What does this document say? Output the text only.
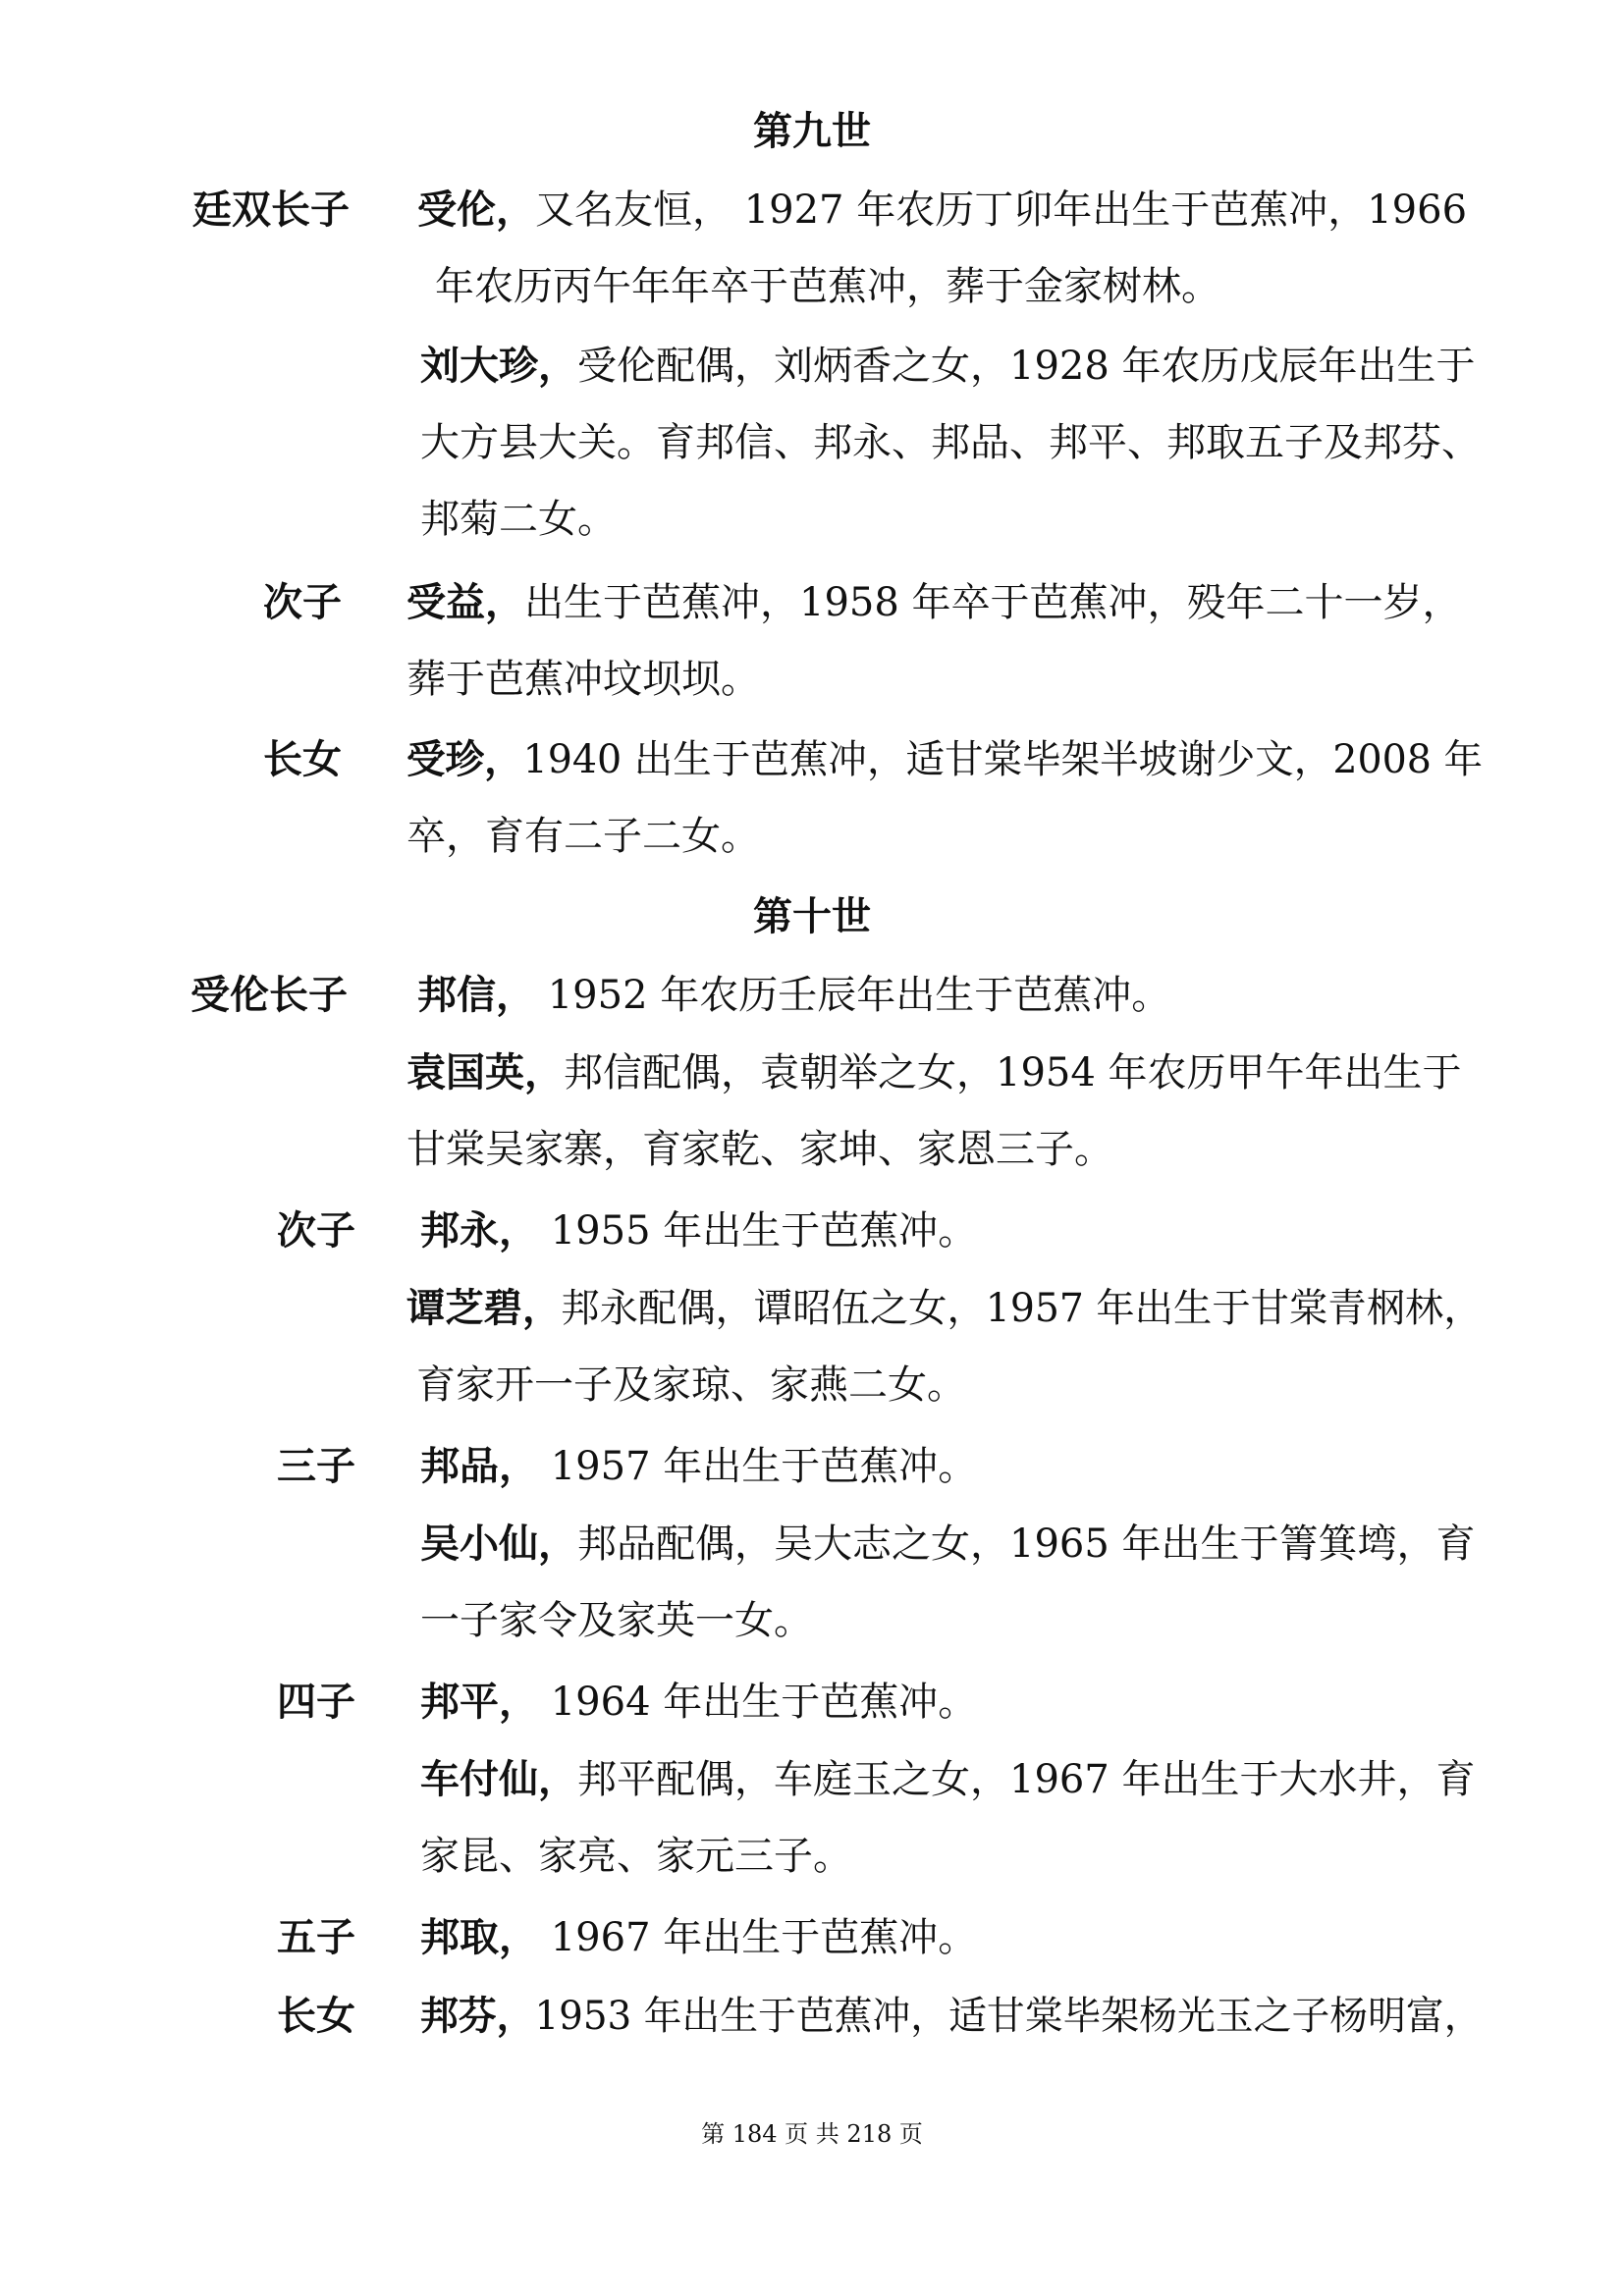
第九世
廷双长子 受伦，又名友恒， 1927 年农历丁卯年出生于芭蕉冲，1966
年农历丙午年年卒于芭蕉冲，葬于金家树林。
刘大珍，受伦配偶，刘炳香之女，1928 年农历戊辰年出生于
大方县大关。育邦信、邦永、邦品、邦平、邦取五子及邦芬、
邦菊二女。
次子 受益，出生于芭蕉冲，1958 年卒于芭蕉冲，殁年二十一岁，
葬于芭蕉冲坟坝坝。
长女 受珍，1940 出生于芭蕉冲，适甘棠毕架半坡谢少文，2008 年
卒，育有二子二女。
第十世
受伦长子 邦信， 1952 年农历壬辰年出生于芭蕉冲。
袁国英，邦信配偶，袁朝举之女，1954 年农历甲午年出生于
甘棠吴家寨，育家乾、家坤、家恩三子。
次子 邦永， 1955 年出生于芭蕉冲。
谭芝碧，邦永配偶，谭昭伍之女，1957 年出生于甘棠青㭎林，
育家开一子及家琼、家燕二女。
三子 邦品， 1957 年出生于芭蕉冲。
吴小仙，邦品配偶，吴大志之女，1965 年出生于箐箕塆，育
一子家令及家英一女。
四子 邦平， 1964 年出生于芭蕉冲。
车付仙，邦平配偶，车庭玉之女，1967 年出生于大水井，育
家昆、家亮、家元三子。
五子 邦取， 1967 年出生于芭蕉冲。
长女 邦芬，1953 年出生于芭蕉冲，适甘棠毕架杨光玉之子杨明富，
第 184 页 共 218 页
